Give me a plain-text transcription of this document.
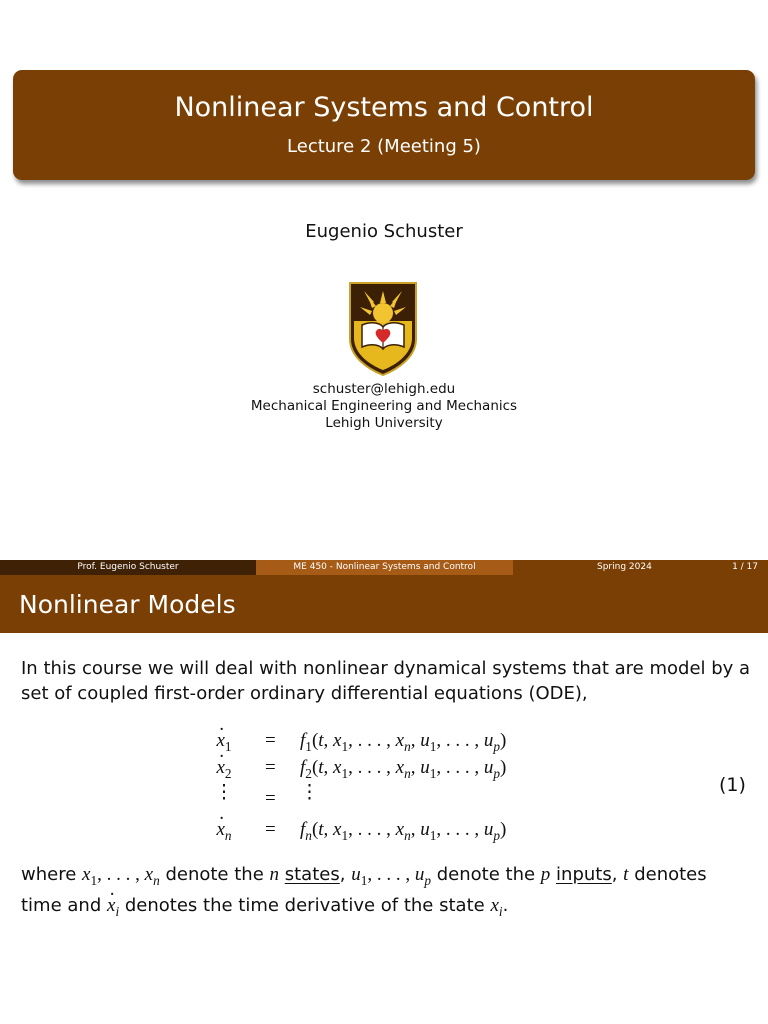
Nonlinear Systems and Control
Lecture 2 (Meeting 5)
Eugenio Schuster
schuster@lehigh.edu
Mechanical Engineering and Mechanics
Lehigh University
Prof. Eugenio Schuster	ME 450 - Nonlinear Systems and Control	Spring 2024	1 / 17
Nonlinear Models
In this course we will deal with nonlinear dynamical systems that are model by a set of coupled first-order ordinary differential equations (ODE),
· $x_1$	= $f_1(t$, $x_1$, . . . , $x_n$, $u_1$, . . . , $u_p$)
· $x_2$	= $f_2(t$, $x_1$, . . . , $x_n$, $u_1$, . . . , $u_p$)
⋮	= ⋮
· $x_n$	= $f_n(t$, $x_1$, . . . , $x_n$, $u_1$, . . . , $u_p$)
(1)
where $x_1$, . . . , $x_n$ denote the n states, $u_1$, . . . , $u_p$ denote the p inputs, t denotes time and · $x_i$ denotes the time derivative of the state $x_i$.
